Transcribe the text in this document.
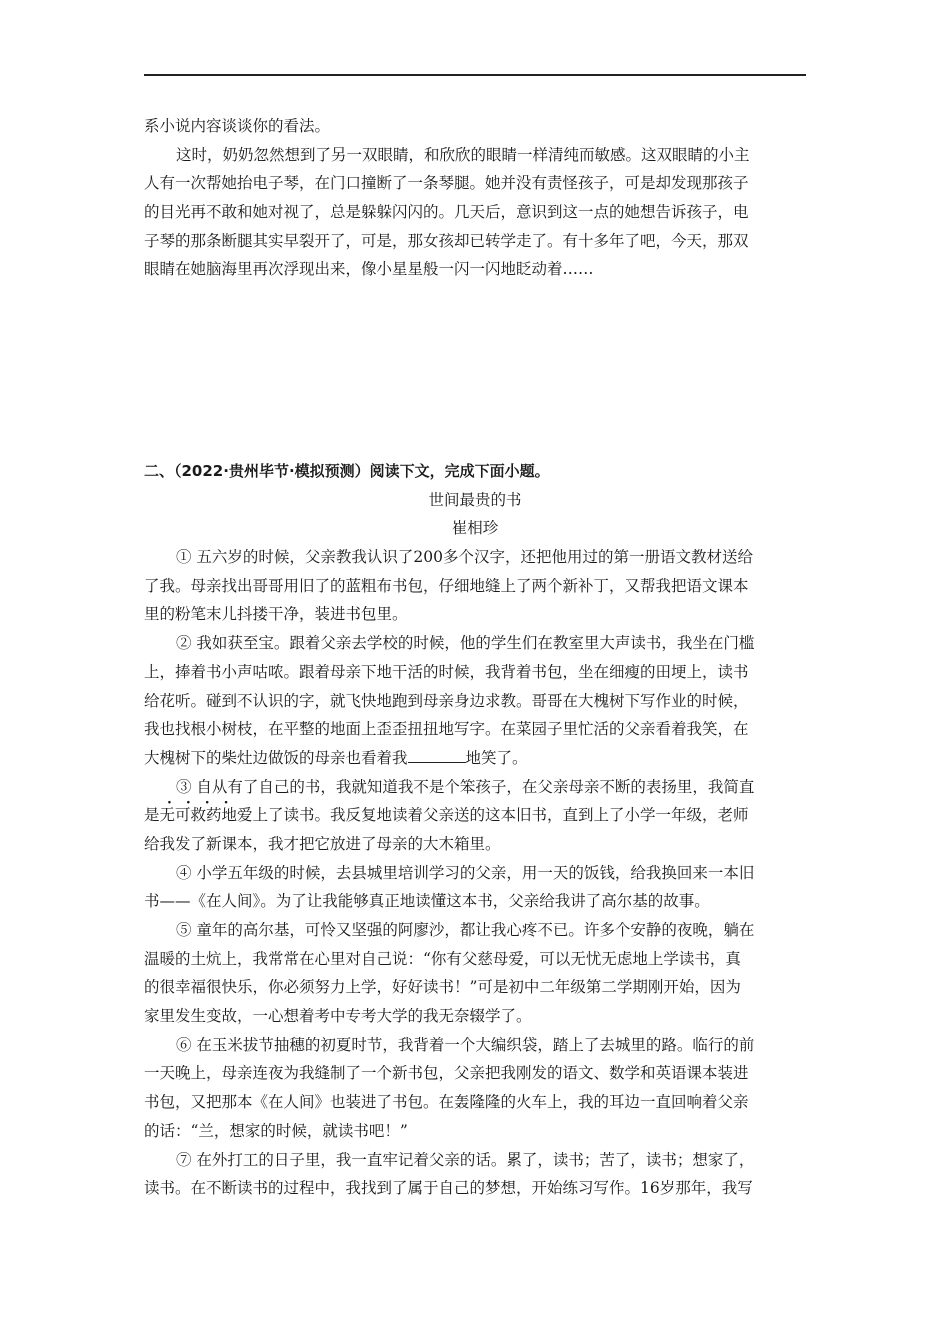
系小说内容谈谈你的看法。
这时，奶奶忽然想到了另一双眼睛，和欣欣的眼睛一样清纯而敏感。这双眼睛的小主
人有一次帮她抬电子琴，在门口撞断了一条琴腿。她并没有责怪孩子，可是却发现那孩子
的目光再不敢和她对视了，总是躲躲闪闪的。几天后，意识到这一点的她想告诉孩子，电
子琴的那条断腿其实早裂开了，可是，那女孩却已转学走了。有十多年了吧，今天，那双
眼睛在她脑海里再次浮现出来，像小星星般一闪一闪地眨动着……
二、（2022·贵州毕节·模拟预测）阅读下文，完成下面小题。
世间最贵的书
崔相珍
① 五六岁的时候，父亲教我认识了200多个汉字，还把他用过的第一册语文教材送给
了我。母亲找出哥哥用旧了的蓝粗布书包，仔细地缝上了两个新补丁，又帮我把语文课本
里的粉笔末儿抖搂干净，装进书包里。
② 我如获至宝。跟着父亲去学校的时候，他的学生们在教室里大声读书，我坐在门槛
上，捧着书小声咕哝。跟着母亲下地干活的时候，我背着书包，坐在细瘦的田埂上，读书
给花听。碰到不认识的字，就飞快地跑到母亲身边求教。哥哥在大槐树下写作业的时候，
我也找根小树枝，在平整的地面上歪歪扭扭地写字。在菜园子里忙活的父亲看着我笑，在
大槐树下的柴灶边做饭的母亲也看着我	地笑了。
③ 自从有了自己的书，我就知道我不是个笨孩子，在父亲母亲不断的表扬里，我简直
是无可救药地爱上了读书。我反复地读着父亲送的这本旧书，直到上了小学一年级，老师
给我发了新课本，我才把它放进了母亲的大木箱里。
④ 小学五年级的时候，去县城里培训学习的父亲，用一天的饭钱，给我换回来一本旧
书——《在人间》。为了让我能够真正地读懂这本书，父亲给我讲了高尔基的故事。
⑤ 童年的高尔基，可怜又坚强的阿廖沙，都让我心疼不已。许多个安静的夜晚，躺在
温暖的土炕上，我常常在心里对自己说：“你有父慈母爱，可以无忧无虑地上学读书，真
的很幸福很快乐，你必须努力上学，好好读书！”可是初中二年级第二学期刚开始，因为
家里发生变故，一心想着考中专考大学的我无奈辍学了。
⑥ 在玉米拔节抽穗的初夏时节，我背着一个大编织袋，踏上了去城里的路。临行的前
一天晚上，母亲连夜为我缝制了一个新书包，父亲把我刚发的语文、数学和英语课本装进
书包，又把那本《在人间》也装进了书包。在轰隆隆的火车上，我的耳边一直回响着父亲
的话：“兰，想家的时候，就读书吧！”
⑦ 在外打工的日子里，我一直牢记着父亲的话。累了，读书；苦了，读书；想家了，
读书。在不断读书的过程中，我找到了属于自己的梦想，开始练习写作。16岁那年，我写
····
